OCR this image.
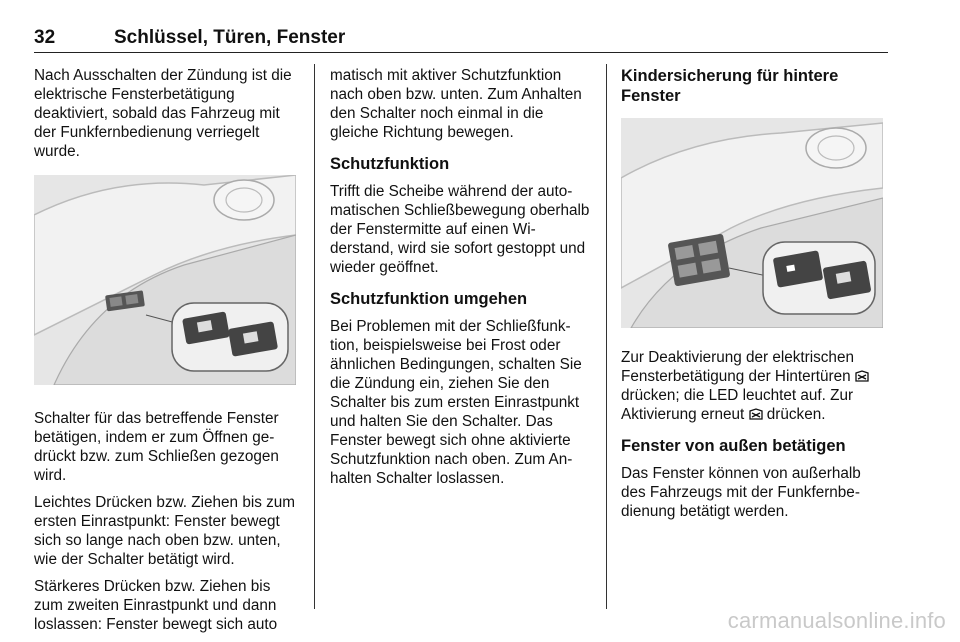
32	Schlüssel, Türen, Fenster

Nach Ausschalten der Zündung ist die elektrische Fensterbetätigung deaktiviert, sobald das Fahrzeug mit der Funkfernbedienung verriegelt wurde.

Schalter für das betreffende Fenster betätigen, indem er zum Öffnen gedrückt bzw. zum Schließen gezogen wird.

Leichtes Drücken bzw. Ziehen bis zum ersten Einrastpunkt: Fenster bewegt sich so lange nach oben bzw. unten, wie der Schalter betätigt wird.

Stärkeres Drücken bzw. Ziehen bis zum zweiten Einrastpunkt und dann loslassen: Fenster bewegt sich auto

matisch mit aktiver Schutzfunktion nach oben bzw. unten. Zum Anhalten den Schalter noch einmal in die gleiche Richtung bewegen.

Schutzfunktion

Trifft die Scheibe während der automatischen Schließbewegung oberhalb der Fenstermitte auf einen Widerstand, wird sie sofort gestoppt und wieder geöffnet.

Schutzfunktion umgehen

Bei Problemen mit der Schließfunktion, beispielsweise bei Frost oder ähnlichen Bedingungen, schalten Sie die Zündung ein, ziehen Sie den Schalter bis zum ersten Einrastpunkt und halten Sie den Schalter. Das Fenster bewegt sich ohne aktivierte Schutzfunktion nach oben. Zum Anhalten Schalter loslassen.

Kindersicherung für hintere Fenster

Zur Deaktivierung der elektrischen Fensterbetätigung der Hintertüren  drücken; die LED leuchtet auf. Zur Aktivierung erneut  drücken.

Fenster von außen betätigen

Das Fenster können von außerhalb des Fahrzeugs mit der Funkfernbedienung betätigt werden.

carmanualsonline.info
